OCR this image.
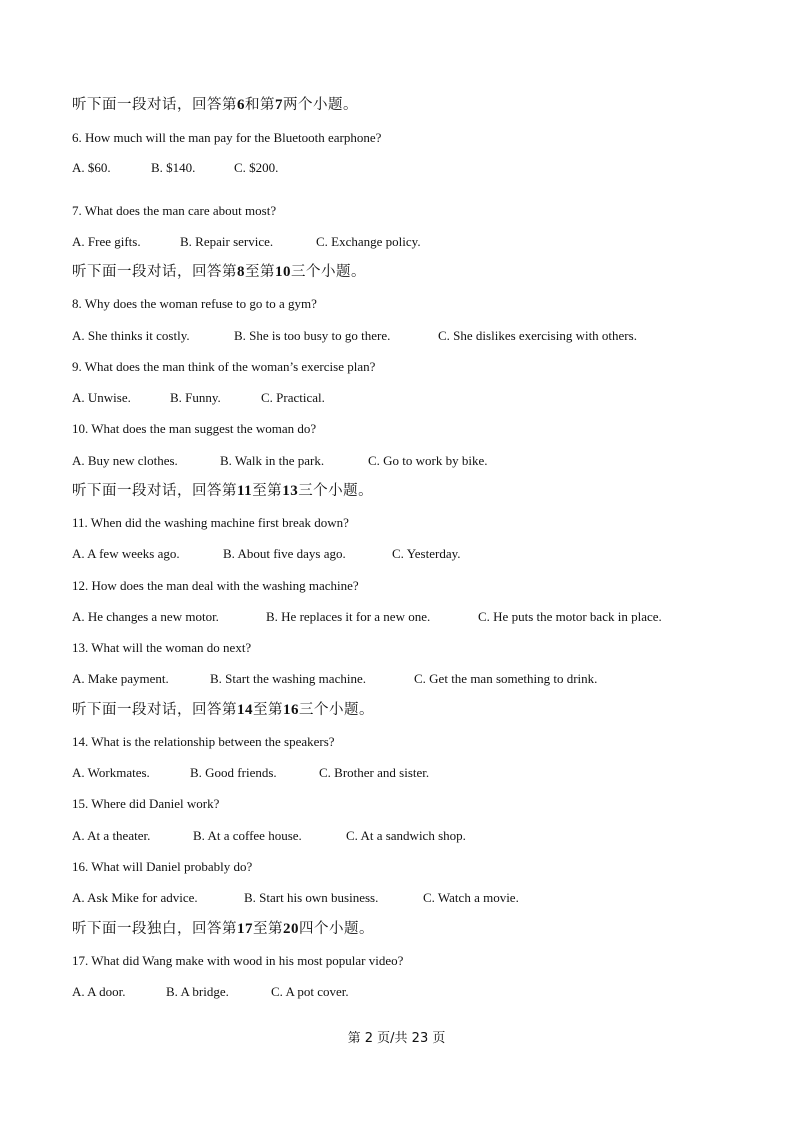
听下面一段对话，回答第6和第7两个小题。
6. How much will the man pay for the Bluetooth earphone?
A. $60.	B. $140.	C. $200.
7. What does the man care about most?
A. Free gifts.	B. Repair service.	C. Exchange policy.
听下面一段对话，回答第8至第10三个小题。
8. Why does the woman refuse to go to a gym?
A. She thinks it costly.	B. She is too busy to go there.	C. She dislikes exercising with others.
9. What does the man think of the woman’s exercise plan?
A. Unwise.	B. Funny.	C. Practical.
10. What does the man suggest the woman do?
A. Buy new clothes.	B. Walk in the park.	C. Go to work by bike.
听下面一段对话，回答第11至第13三个小题。
11. When did the washing machine first break down?
A. A few weeks ago.	B. About five days ago.	C. Yesterday.
12. How does the man deal with the washing machine?
A. He changes a new motor.	B. He replaces it for a new one.	C. He puts the motor back in place.
13. What will the woman do next?
A. Make payment.	B. Start the washing machine.	C. Get the man something to drink.
听下面一段对话，回答第14至第16三个小题。
14. What is the relationship between the speakers?
A. Workmates.	B. Good friends.	C. Brother and sister.
15. Where did Daniel work?
A. At a theater.	B. At a coffee house.	C. At a sandwich shop.
16. What will Daniel probably do?
A. Ask Mike for advice.	B. Start his own business.	C. Watch a movie.
听下面一段独白，回答第17至第20四个小题。
17. What did Wang make with wood in his most popular video?
A. A door.	B. A bridge.	C. A pot cover.
第 2 页/共 23 页
